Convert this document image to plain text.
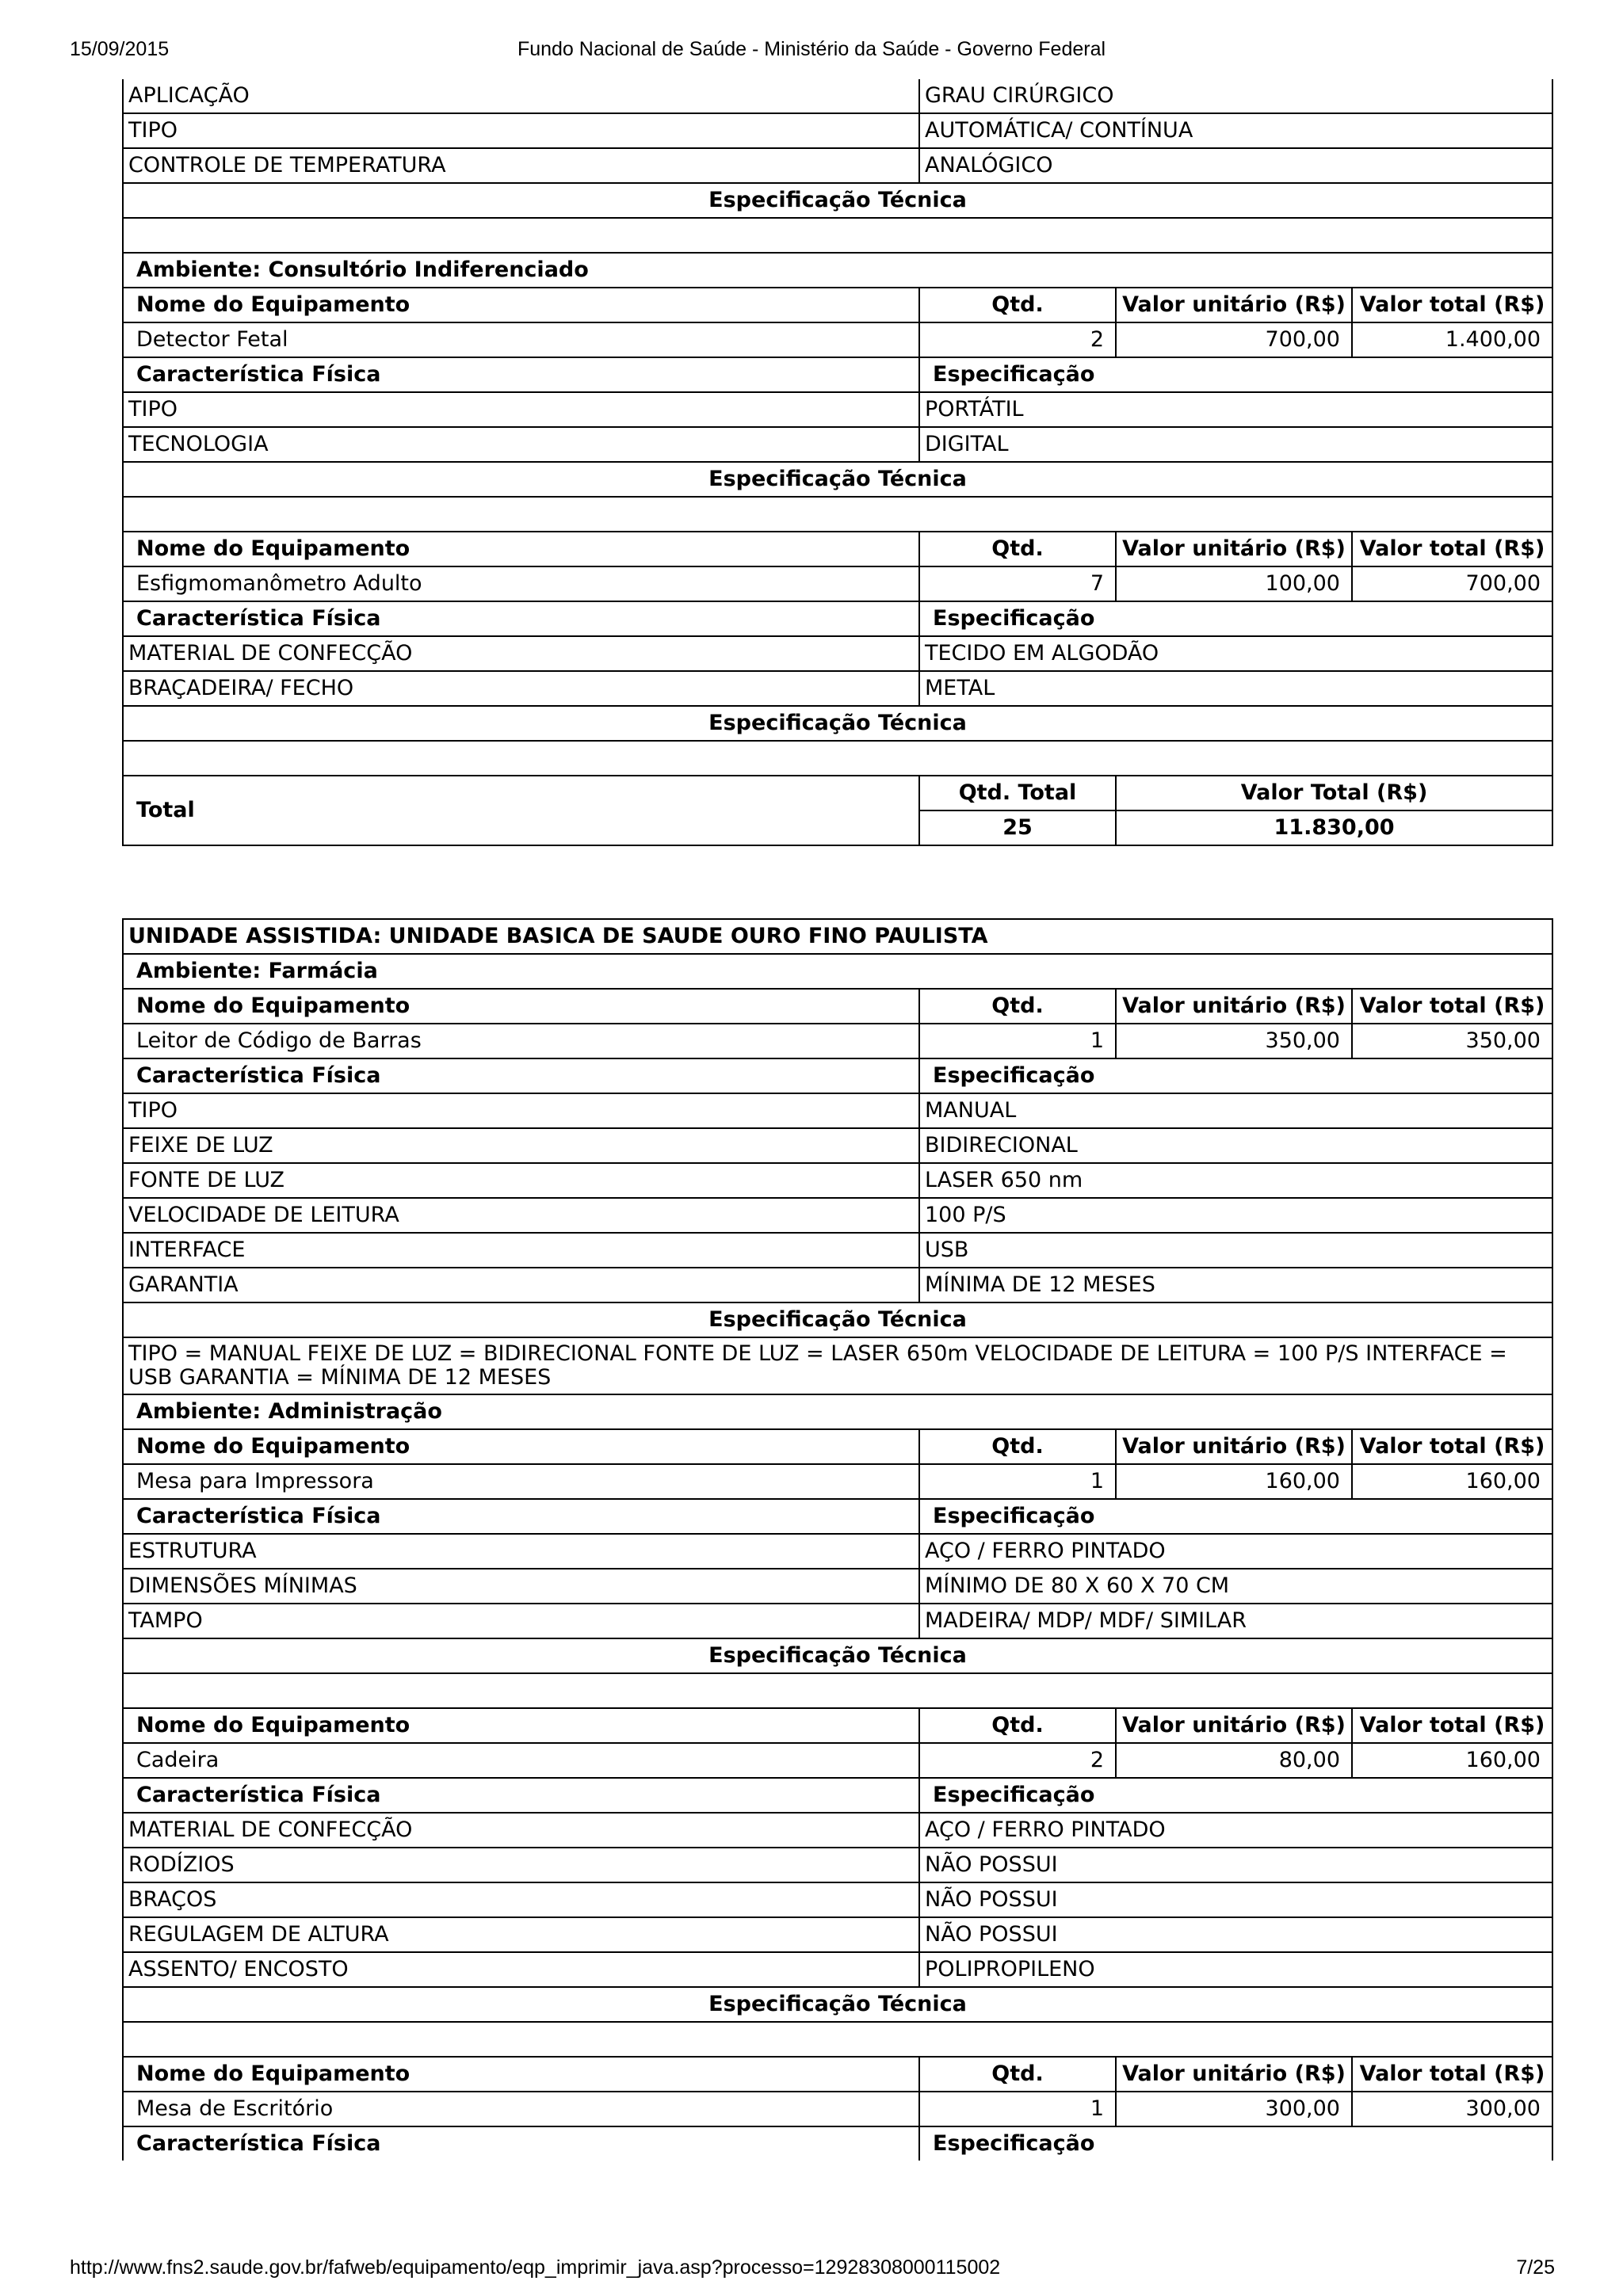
15/09/2015	Fundo Nacional de Saúde - Ministério da Saúde - Governo Federal
APLICAÇÃO	GRAU CIRÚRGICO		
TIPO	AUTOMÁTICA/ CONTÍNUA		
CONTROLE DE TEMPERATURA	ANALÓGICO		
Especificação Técnica			

Ambiente: Consultório Indiferenciado			
Nome do Equipamento	Qtd.	Valor unitário (R$)	Valor total (R$)
Detector Fetal	2	700,00	1.400,00
Característica Física	Especificação		
TIPO	PORTÁTIL		
TECNOLOGIA	DIGITAL		
Especificação Técnica			

Nome do Equipamento	Qtd.	Valor unitário (R$)	Valor total (R$)
Esfigmomanômetro Adulto	7	100,00	700,00
Característica Física	Especificação		
MATERIAL DE CONFECÇÃO	TECIDO EM ALGODÃO		
BRAÇADEIRA/ FECHO	METAL		
Especificação Técnica			

Total	Qtd. Total	Valor Total (R$)	
	25	11.830,00	
UNIDADE ASSISTIDA: UNIDADE BASICA DE SAUDE OURO FINO PAULISTA			
Ambiente: Farmácia			
Nome do Equipamento	Qtd.	Valor unitário (R$)	Valor total (R$)
Leitor de Código de Barras	1	350,00	350,00
Característica Física	Especificação		
TIPO	MANUAL		
FEIXE DE LUZ	BIDIRECIONAL		
FONTE DE LUZ	LASER 650 nm		
VELOCIDADE DE LEITURA	100 P/S		
INTERFACE	USB		
GARANTIA	MÍNIMA DE 12 MESES		
Especificação Técnica			
TIPO = MANUAL FEIXE DE LUZ = BIDIRECIONAL FONTE DE LUZ = LASER 650m VELOCIDADE DE LEITURA = 100 P/S INTERFACE = USB GARANTIA = MÍNIMA DE 12 MESES			
Ambiente: Administração			
Nome do Equipamento	Qtd.	Valor unitário (R$)	Valor total (R$)
Mesa para Impressora	1	160,00	160,00
Característica Física	Especificação		
ESTRUTURA	AÇO / FERRO PINTADO		
DIMENSÕES MÍNIMAS	MÍNIMO DE 80 X 60 X 70 CM		
TAMPO	MADEIRA/ MDP/ MDF/ SIMILAR		
Especificação Técnica			

Nome do Equipamento	Qtd.	Valor unitário (R$)	Valor total (R$)
Cadeira	2	80,00	160,00
Característica Física	Especificação		
MATERIAL DE CONFECÇÃO	AÇO / FERRO PINTADO		
RODÍZIOS	NÃO POSSUI		
BRAÇOS	NÃO POSSUI		
REGULAGEM DE ALTURA	NÃO POSSUI		
ASSENTO/ ENCOSTO	POLIPROPILENO		
Especificação Técnica			

Nome do Equipamento	Qtd.	Valor unitário (R$)	Valor total (R$)
Mesa de Escritório	1	300,00	300,00
Característica Física	Especificação		
http://www.fns2.saude.gov.br/fafweb/equipamento/eqp_imprimir_java.asp?processo=12928308000115002	7/25
